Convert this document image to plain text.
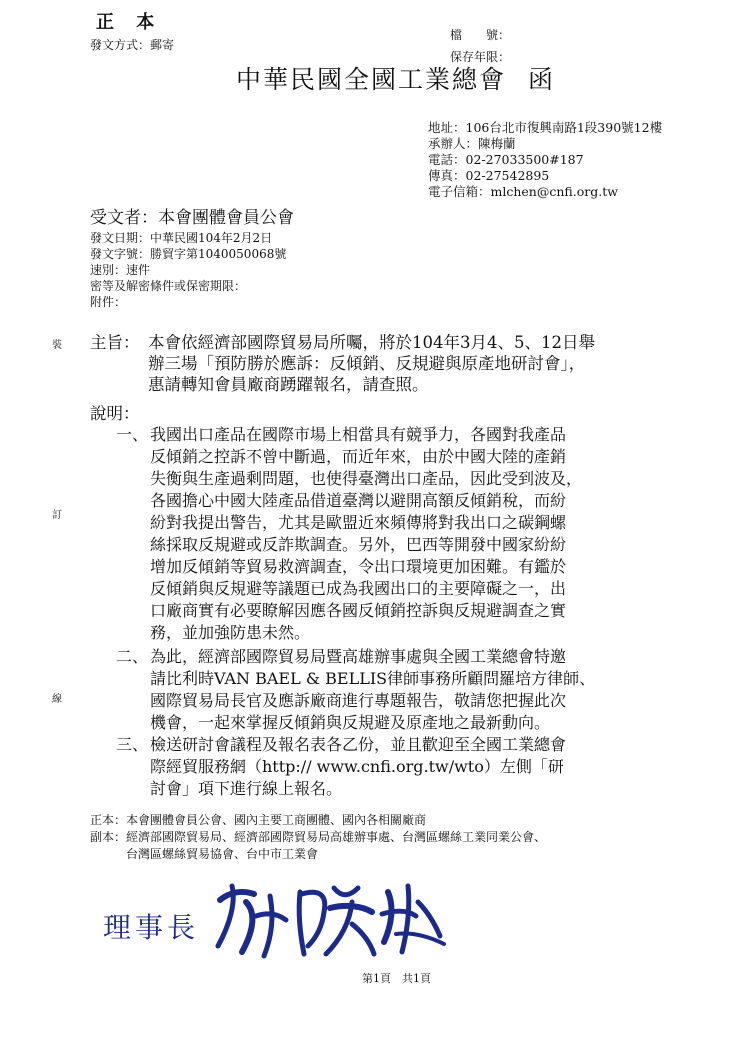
正 本
發文方式：郵寄
檔　　號：
保存年限：
中華民國全國工業總會 函
地址：106台北市復興南路1段390號12樓
承辦人：陳梅蘭
電話：02-27033500#187
傳真：02-27542895
電子信箱：mlchen@cnfi.org.tw
受文者：本會團體會員公會
發文日期：中華民國104年2月2日
發文字號：勝貿字第1040050068號
速別：速件
密等及解密條件或保密期限：
附件：
裝
訂
線
主旨： 本會依經濟部國際貿易局所囑，將於104年3月4、5、12日舉
辦三場「預防勝於應訴：反傾銷、反規避與原產地研討會」，
惠請轉知會員廠商踴躍報名，請查照。
說明：
一、 我國出口產品在國際市場上相當具有競爭力，各國對我產品
反傾銷之控訴不曾中斷過，而近年來，由於中國大陸的產銷
失衡與生產過剩問題，也使得臺灣出口產品，因此受到波及，
各國擔心中國大陸產品借道臺灣以避開高額反傾銷稅，而紛
紛對我提出警告，尤其是歐盟近來頻傳將對我出口之碳鋼螺
絲採取反規避或反詐欺調查。另外，巴西等開發中國家紛紛
增加反傾銷等貿易救濟調查，令出口環境更加困難。有鑑於
反傾銷與反規避等議題已成為我國出口的主要障礙之一，出
口廠商實有必要瞭解因應各國反傾銷控訴與反規避調查之實
務，並加強防患未然。
二、 為此，經濟部國際貿易局暨高雄辦事處與全國工業總會特邀
請比利時VAN BAEL & BELLIS律師事務所顧問羅培方律師、
國際貿易局長官及應訴廠商進行專題報告，敬請您把握此次
機會，一起來掌握反傾銷與反規避及原產地之最新動向。
三、 檢送研討會議程及報名表各乙份，並且歡迎至全國工業總會
際經貿服務網（http:// www.cnfi.org.tw/wto）左側「研
討會」項下進行線上報名。
正本：本會團體會員公會、國內主要工商團體、國內各相關廠商
副本：經濟部國際貿易局、經濟部國際貿易局高雄辦事處、台灣區螺絲工業同業公會、
　　　台灣區螺絲貿易協會、台中市工業會
理事長
第1頁　共1頁
